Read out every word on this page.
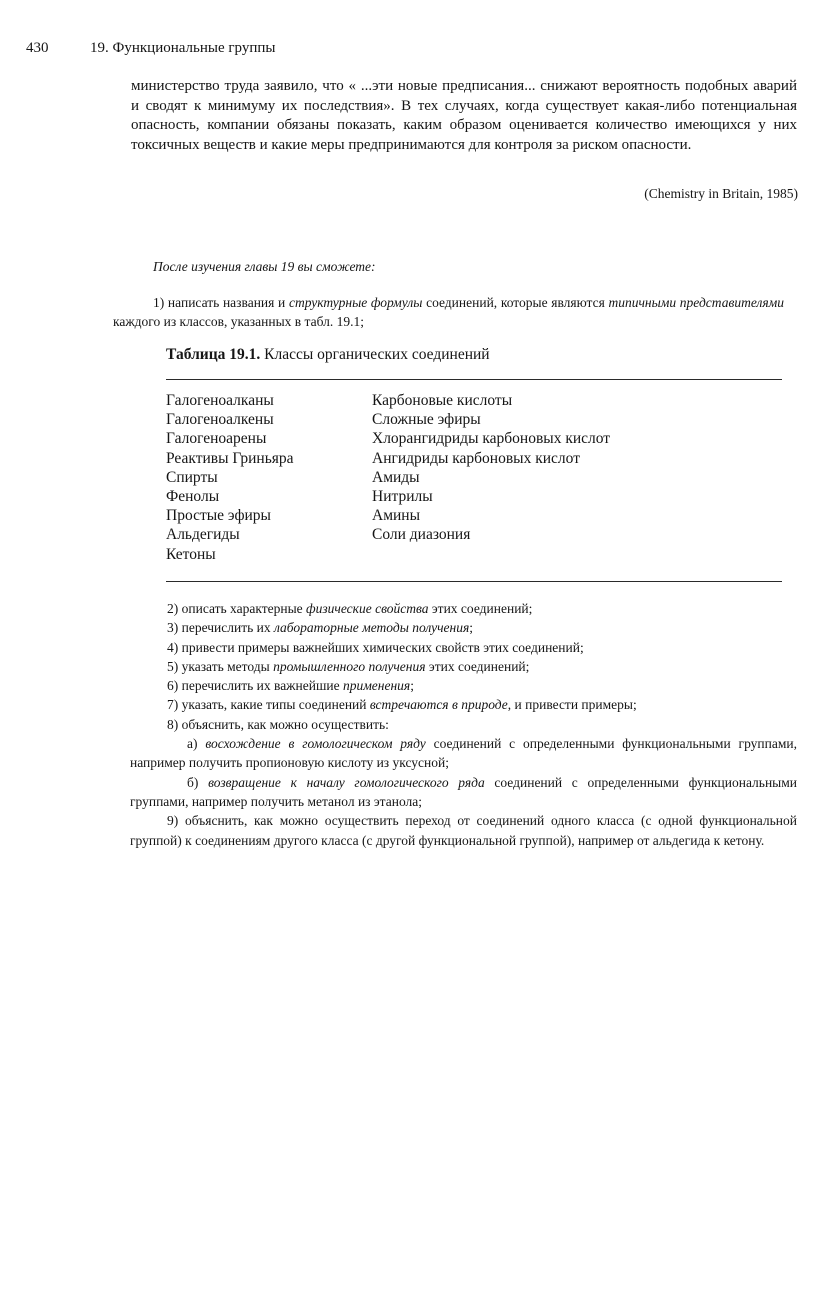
430	19. Функциональные группы
министерство труда заявило, что « ...эти новые предписания... снижают вероятность подобных аварий и сводят к минимуму их последствия». В тех случаях, когда существует какая-либо потенциальная опасность, компании обязаны показать, каким образом оценивается количество имеющихся у них токсичных веществ и какие меры предпринимаются для контроля за риском опасности.
(Chemistry in Britain, 1985)
После изучения главы 19 вы сможете:
1) написать названия и структурные формулы соединений, которые являются типичными представителями каждого из классов, указанных в табл. 19.1;
Таблица 19.1. Классы органических соединений
Галогеноалканы
Галогеноалкены
Галогеноарены
Реактивы Гриньяра
Спирты
Фенолы
Простые эфиры
Альдегиды
Кетоны
Карбоновые кислоты
Сложные эфиры
Хлорангидриды карбоновых кислот
Ангидриды карбоновых кислот
Амиды
Нитрилы
Амины
Соли диазония
2) описать характерные физические свойства этих соединений;
3) перечислить их лабораторные методы получения;
4) привести примеры важнейших химических свойств этих соединений;
5) указать методы промышленного получения этих соединений;
6) перечислить их важнейшие применения;
7) указать, какие типы соединений встречаются в природе, и привести примеры;
8) объяснить, как можно осуществить:
а) восхождение в гомологическом ряду соединений с определенными функциональными группами, например получить пропионовую кислоту из уксусной;
б) возвращение к началу гомологического ряда соединений с определенными функциональными группами, например получить метанол из этанола;
9) объяснить, как можно осуществить переход от соединений одного класса (с одной функциональной группой) к соединениям другого класса (с другой функциональной группой), например от альдегида к кетону.
